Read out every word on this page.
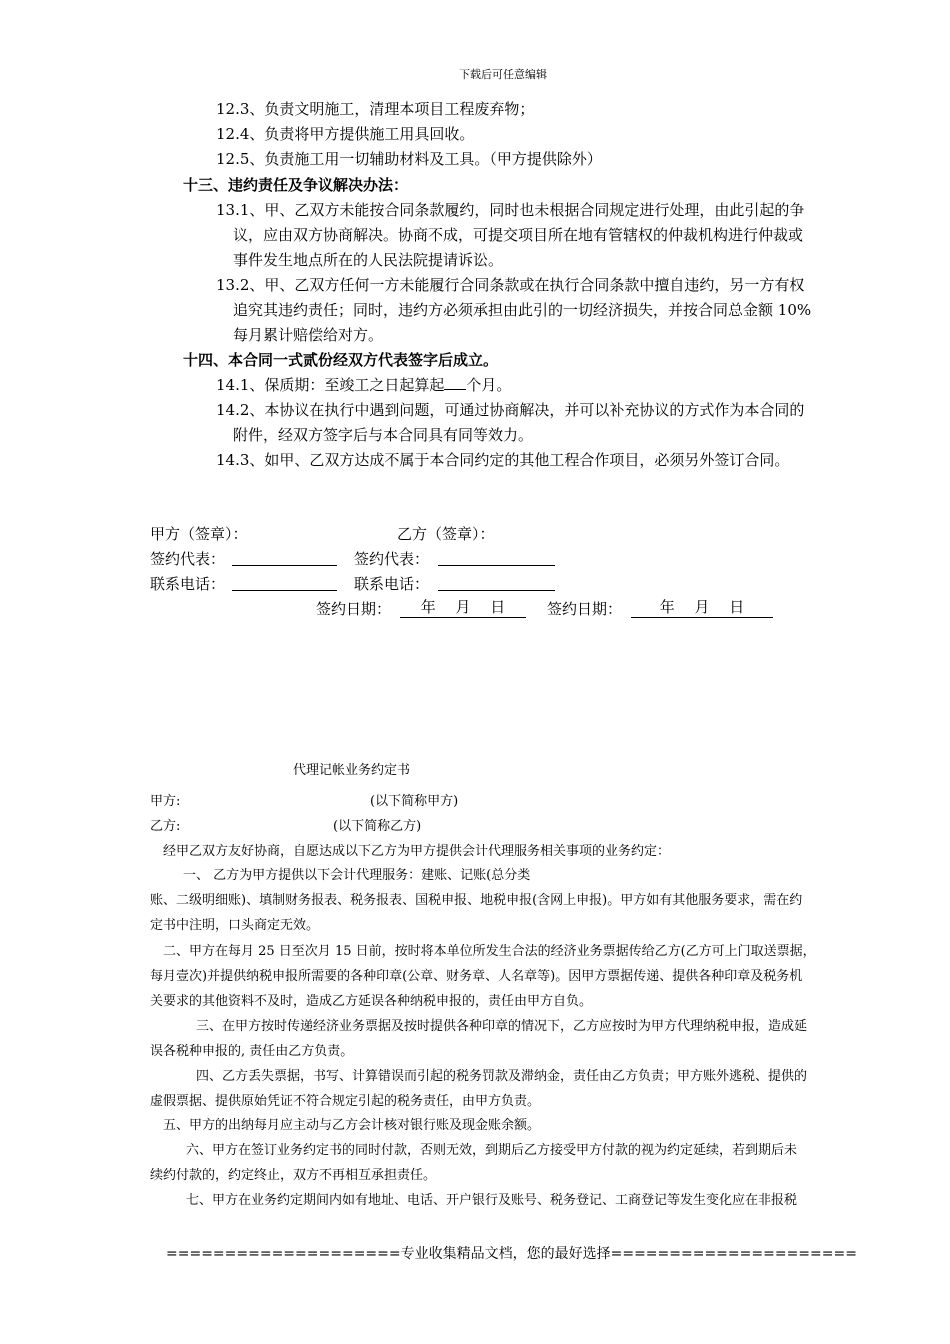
下载后可任意编辑
12.3、负责文明施工，清理本项目工程废弃物；
12.4、负责将甲方提供施工用具回收。
12.5、负责施工用一切辅助材料及工具。（甲方提供除外）
十三、违约责任及争议解决办法：
13.1、甲、乙双方未能按合同条款履约，同时也未根据合同规定进行处理，由此引起的争
议，应由双方协商解决。协商不成，可提交项目所在地有管辖权的仲裁机构进行仲裁或
事件发生地点所在的人民法院提请诉讼。
13.2、甲、乙双方任何一方未能履行合同条款或在执行合同条款中擅自违约，另一方有权
追究其违约责任；同时，违约方必须承担由此引的一切经济损失，并按合同总金额 10%
每月累计赔偿给对方。
十四、本合同一式贰份经双方代表签字后成立。
14.1、保质期：至竣工之日起算起 个月。
14.2、本协议在执行中遇到问题，可通过协商解决，并可以补充协议的方式作为本合同的
附件，经双方签字后与本合同具有同等效力。
14.3、如甲、乙双方达成不属于本合同约定的其他工程合作项目，必须另外签订合同。
甲方（签章）：	乙方（签章）：
签约代表：	签约代表：
联系电话：	联系电话：
签约日期：	年　 月　 日	签约日期：	年　 月　 日
代理记帐业务约定书
甲方:	(以下简称甲方)
乙方:	(以下简称乙方)
经甲乙双方友好协商，自愿达成以下乙方为甲方提供会计代理服务相关事项的业务约定：
一、 乙方为甲方提供以下会计代理服务：建账、记账(总分类
账、二级明细账)、填制财务报表、税务报表、国税申报、地税申报(含网上申报)。甲方如有其他服务要求，需在约
定书中注明，口头商定无效。
二、甲方在每月 25 日至次月 15 日前，按时将本单位所发生合法的经济业务票据传给乙方(乙方可上门取送票据，
每月壹次)并提供纳税申报所需要的各种印章(公章、财务章、人名章等)。因甲方票据传递、提供各种印章及税务机
关要求的其他资料不及时，造成乙方延误各种纳税申报的，责任由甲方自负。
三、在甲方按时传递经济业务票据及按时提供各种印章的情况下，乙方应按时为甲方代理纳税申报，造成延
误各税种申报的, 责任由乙方负责。
四、乙方丢失票据，书写、计算错误而引起的税务罚款及滞纳金，责任由乙方负责；甲方账外逃税、提供的
虚假票据、提供原始凭证不符合规定引起的税务责任，由甲方负责。
五、甲方的出纳每月应主动与乙方会计核对银行账及现金账余额。
六、甲方在签订业务约定书的同时付款，否则无效，到期后乙方接受甲方付款的视为约定延续，若到期后未
续约付款的，约定终止，双方不再相互承担责任。
七、甲方在业务约定期间内如有地址、电话、开户银行及账号、税务登记、工商登记等发生变化应在非报税
====================专业收集精品文档，您的最好选择=====================
